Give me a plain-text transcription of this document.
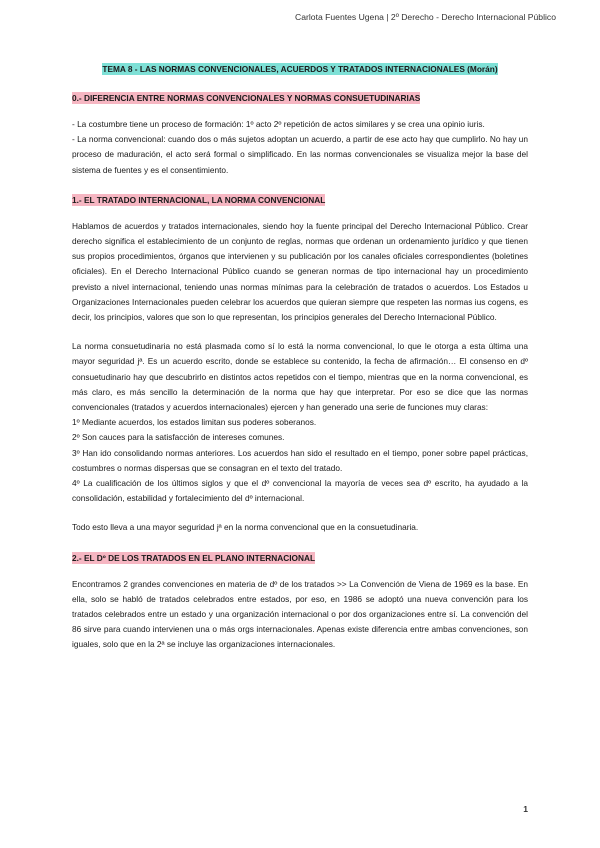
Carlota Fuentes Ugena | 2º Derecho - Derecho Internacional Público
TEMA 8 - LAS NORMAS CONVENCIONALES, ACUERDOS Y TRATADOS INTERNACIONALES (Morán)
0.- DIFERENCIA ENTRE NORMAS CONVENCIONALES Y NORMAS CONSUETUDINARIAS

- La costumbre tiene un proceso de formación: 1º acto 2º repetición de actos similares y se crea una opinio iuris.

- La norma convencional: cuando dos o más sujetos adoptan un acuerdo, a partir de ese acto hay que cumplirlo. No hay un proceso de maduración, el acto será formal o simplificado. En las normas convencionales se visualiza mejor la base del sistema de fuentes y es el consentimiento.

1.- EL TRATADO INTERNACIONAL, LA NORMA CONVENCIONAL

Hablamos de acuerdos y tratados internacionales, siendo hoy la fuente principal del Derecho Internacional Público. Crear derecho significa el establecimiento de un conjunto de reglas, normas que ordenan un ordenamiento jurídico y que tienen sus propios procedimientos, órganos que intervienen y su publicación por los canales oficiales correspondientes (boletines oficiales). En el Derecho Internacional Público cuando se generan normas de tipo internacional hay un procedimiento previsto a nivel internacional, teniendo unas normas mínimas para la celebración de tratados o acuerdos. Los Estados u Organizaciones Internacionales pueden celebrar los acuerdos que quieran siempre que respeten las normas ius cogens, es decir, los principios, valores que son lo que representan, los principios generales del Derecho Internacional Público.

La norma consuetudinaria no está plasmada como sí lo está la norma convencional, lo que le otorga a esta última una mayor seguridad jª. Es un acuerdo escrito, donde se establece su contenido, la fecha de afirmación… El consenso en dº consuetudinario hay que descubrirlo en distintos actos repetidos con el tiempo, mientras que en la norma convencional, es más claro, es más sencillo la determinación de la norma que hay que interpretar. Por eso se dice que las normas convencionales (tratados y acuerdos internacionales) ejercen y han generado una serie de funciones muy claras:

1º Mediante acuerdos, los estados limitan sus poderes soberanos.

2º Son cauces para la satisfacción de intereses comunes.

3º Han ido consolidando normas anteriores. Los acuerdos han sido el resultado en el tiempo, poner sobre papel prácticas, costumbres o normas dispersas que se consagran en el texto del tratado.

4º La cualificación de los últimos siglos y que el dº convencional la mayoría de veces sea dº escrito, ha ayudado a la consolidación, estabilidad y fortalecimiento del dº internacional.

Todo esto lleva a una mayor seguridad jª en la norma convencional que en la consuetudinaria.

2.- EL Dº DE LOS TRATADOS EN EL PLANO INTERNACIONAL

Encontramos 2 grandes convenciones en materia de dº de los tratados >> La Convención de Viena de 1969 es la base. En ella, solo se habló de tratados celebrados entre estados, por eso, en 1986 se adoptó una nueva convención para los tratados celebrados entre un estado y una organización internacional o por dos organizaciones entre sí. La convención del 86 sirve para cuando intervienen una o más orgs internacionales. Apenas existe diferencia entre ambas convenciones, son iguales, solo que en la 2ª se incluye las organizaciones internacionales.

1
